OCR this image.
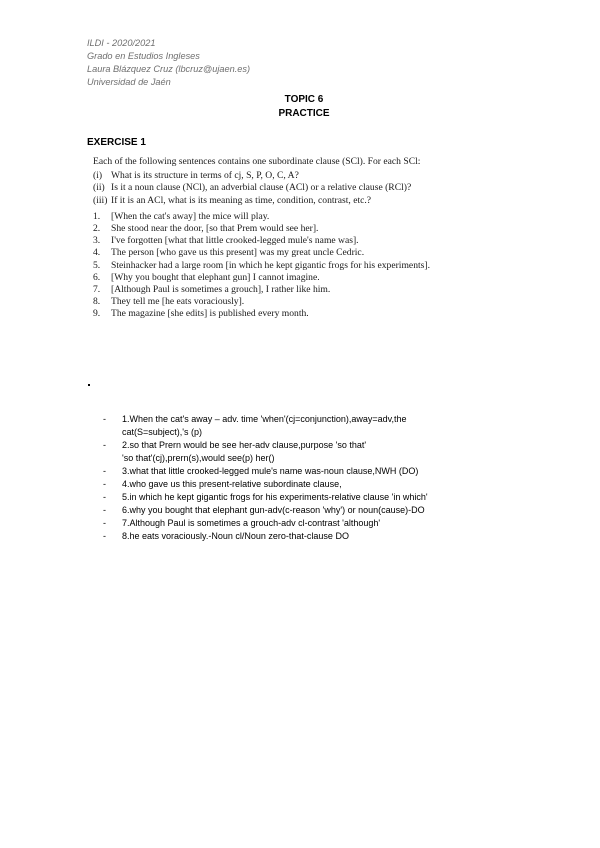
ILDI - 2020/2021
Grado en Estudios Ingleses
Laura Blázquez Cruz (lbcruz@ujaen.es)
Universidad de Jaén
TOPIC 6
PRACTICE
EXERCISE 1

Each of the following sentences contains one subordinate clause (SCl). For each SCl:

(i) What is its structure in terms of cj, S, P, O, C, A?
(ii) Is it a noun clause (NCl), an adverbial clause (ACl) or a relative clause (RCl)?
(iii) If it is an ACl, what is its meaning as time, condition, contrast, etc.?
1.	[When the cat's away] the mice will play.
2.	She stood near the door, [so that Prem would see her].
3.	I've forgotten [what that little crooked-legged mule's name was].
4.	The person [who gave us this present] was my great uncle Cedric.
5.	Steinhacker had a large room [in which he kept gigantic frogs for his experiments].
6.	[Why you bought that elephant gun] I cannot imagine.
7.	[Although Paul is sometimes a grouch], I rather like him.
8.	They tell me [he eats voraciously].
9.	The magazine [she edits] is published every month.
-	1.When the cat's away – adv. time 'when'(cj=conjunction),away=adv,the
cat(S=subject),'s (p)
-	2.so that Prern would be see her-adv clause,purpose 'so that'
'so that'(cj),prern(s),would see(p) her()
-	3.what that little crooked-legged mule's name was-noun clause,NWH (DO)
-	4.who gave us this present-relative subordinate clause,
-	5.in which he kept gigantic frogs for his experiments-relative clause 'in which'
-	6.why you bought that elephant gun-adv(c-reason 'why') or noun(cause)-DO
-	7.Although Paul is sometimes a grouch-adv cl-contrast 'although'
-	8.he eats voraciously.-Noun cl/Noun zero-that-clause DO
